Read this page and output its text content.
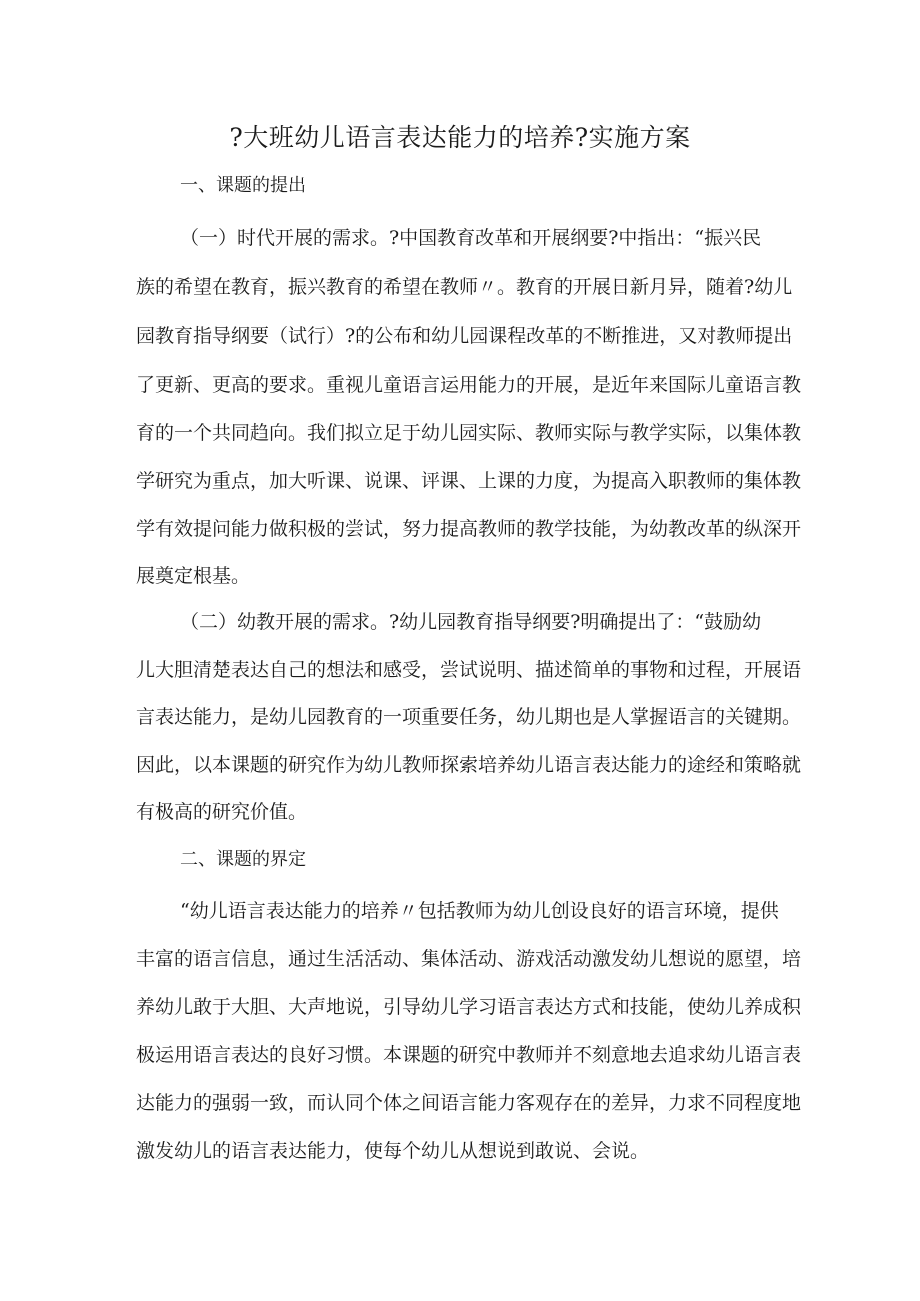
?大班幼儿语言表达能力的培养?实施方案
一、课题的提出
（一）时代开展的需求。?中国教育改革和开展纲要?中指出：“振兴民
族的希望在教育，振兴教育的希望在教师〃。教育的开展日新月异，随着?幼儿
园教育指导纲要（试行）?的公布和幼儿园课程改革的不断推进，又对教师提出
了更新、更高的要求。重视儿童语言运用能力的开展，是近年来国际儿童语言教
育的一个共同趋向。我们拟立足于幼儿园实际、教师实际与教学实际，以集体教
学研究为重点，加大听课、说课、评课、上课的力度，为提高入职教师的集体教
学有效提问能力做积极的尝试，努力提高教师的教学技能，为幼教改革的纵深开
展奠定根基。
（二）幼教开展的需求。?幼儿园教育指导纲要?明确提出了：“鼓励幼
儿大胆清楚表达自己的想法和感受，尝试说明、描述简单的事物和过程，开展语
言表达能力，是幼儿园教育的一项重要任务，幼儿期也是人掌握语言的关键期。
因此，以本课题的研究作为幼儿教师探索培养幼儿语言表达能力的途经和策略就
有极高的研究价值。
二、课题的界定
“幼儿语言表达能力的培养〃包括教师为幼儿创设良好的语言环境，提供
丰富的语言信息，通过生活活动、集体活动、游戏活动激发幼儿想说的愿望，培
养幼儿敢于大胆、大声地说，引导幼儿学习语言表达方式和技能，使幼儿养成积
极运用语言表达的良好习惯。本课题的研究中教师并不刻意地去追求幼儿语言表
达能力的强弱一致，而认同个体之间语言能力客观存在的差异，力求不同程度地
激发幼儿的语言表达能力，使每个幼儿从想说到敢说、会说。
